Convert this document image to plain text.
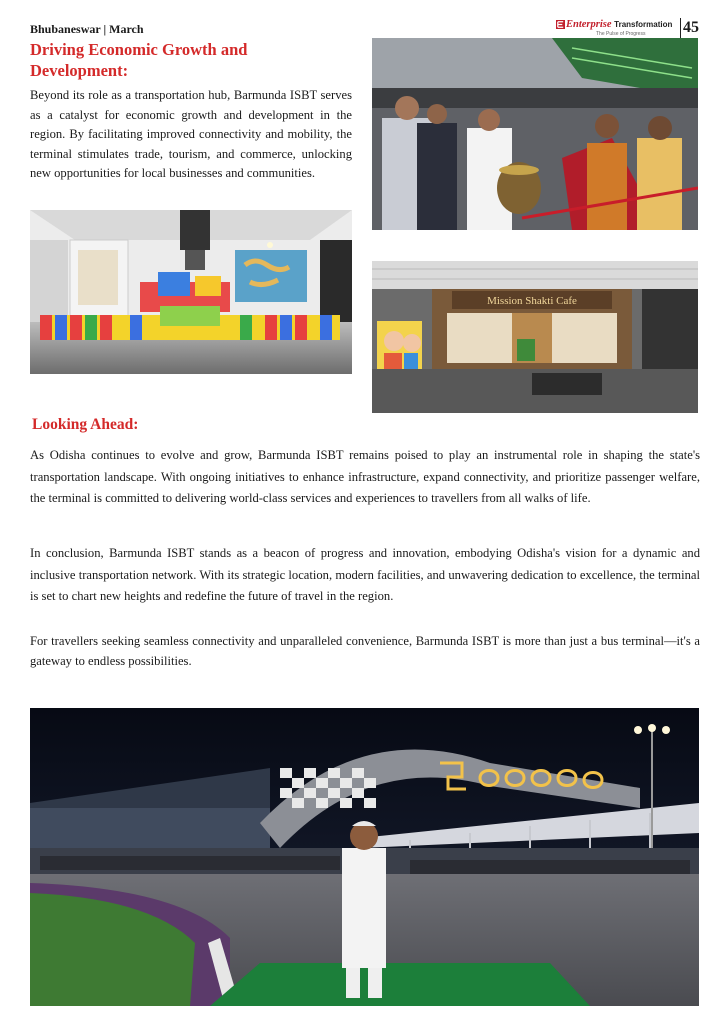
Bhubaneswar | March	Enterprise Transformation
The Pulse of Progress 45
Driving Economic Growth and
Development:
Beyond its role as a transportation hub, Barmunda ISBT serves as a catalyst for economic growth and development in the region. By facilitating improved connectivity and mobility, the terminal stimulates trade, tourism, and commerce, unlocking new opportunities for local businesses and communities.
Mission Shakti Cafe
Looking Ahead:
As Odisha continues to evolve and grow, Barmunda ISBT remains poised to play an instrumental role in shaping the state's transportation landscape. With ongoing initiatives to enhance infrastructure, expand connectivity, and prioritize passenger welfare, the terminal is committed to delivering world-class services and experiences to travellers from all walks of life.
In conclusion, Barmunda ISBT stands as a beacon of progress and innovation, embodying Odisha's vision for a dynamic and inclusive transportation network. With its strategic location, modern facilities, and unwavering dedication to excellence, the terminal is set to chart new heights and redefine the future of travel in the region.
For travellers seeking seamless connectivity and unparalleled convenience, Barmunda ISBT is more than just a bus terminal—it's a gateway to endless possibilities.
